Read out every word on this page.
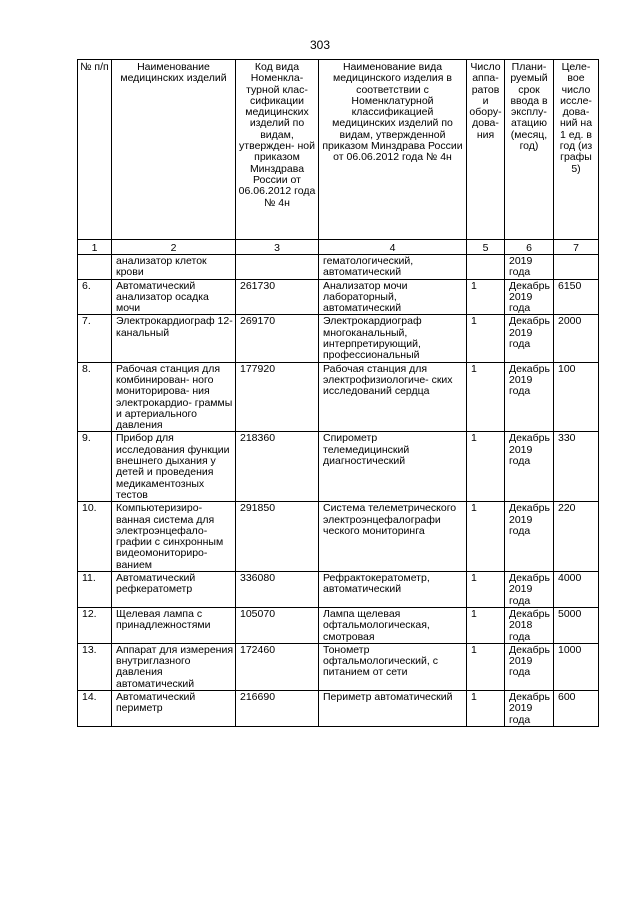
303
№ п/п	Наименование медицинских изделий	Код вида Номенкла- турной клас- сификации медицинских изделий по видам, утвержден- ной приказом Минздрава России от 06.06.2012 года № 4н	Наименование вида медицинского изделия в соответствии с Номенклатурной классификацией медицинских изделий по видам, утвержденной приказом Минздрава России от 06.06.2012 года № 4н	Число аппа- ратов и обору- дова- ния	Плани- руемый срок ввода в эксплу- атацию (месяц, год)	Целе- вое число иссле- дова- ний на 1 ед. в год (из графы 5)
1	2	3	4	5	6	7
	анализатор клеток крови		гематологический, автоматический		2019 года	
6.	Автоматический анализатор осадка мочи	261730	Анализатор мочи лабораторный, автоматический	1	Декабрь 2019 года	6150
7.	Электрокардиограф 12-канальный	269170	Электрокардиограф многоканальный, интерпретирующий, профессиональный	1	Декабрь 2019 года	2000
8.	Рабочая станция для комбинирован- ного мониторирова- ния электрокардио- граммы и артериального давления	177920	Рабочая станция для электрофизиологиче- ских исследований сердца	1	Декабрь 2019 года	100
9.	Прибор для исследования функции внешнего дыхания у детей и проведения медикаментозных тестов	218360	Спирометр телемедицинский диагностический	1	Декабрь 2019 года	330
10.	Компьютеризиро- ванная система для электроэнцефало- графии с синхронным видеомониториро- ванием	291850	Система телеметрического электроэнцефалографи ческого мониторинга	1	Декабрь 2019 года	220
11.	Автоматический рефкератометр	336080	Рефрактокератометр, автоматический	1	Декабрь 2019 года	4000
12.	Щелевая лампа с принадлежностями	105070	Лампа щелевая офтальмологическая, смотровая	1	Декабрь 2018 года	5000
13.	Аппарат для измерения внутриглазного давления автоматический	172460	Тонометр офтальмологический, с питанием от сети	1	Декабрь 2019 года	1000
14.	Автоматический периметр	216690	Периметр автоматический	1	Декабрь 2019 года	600
